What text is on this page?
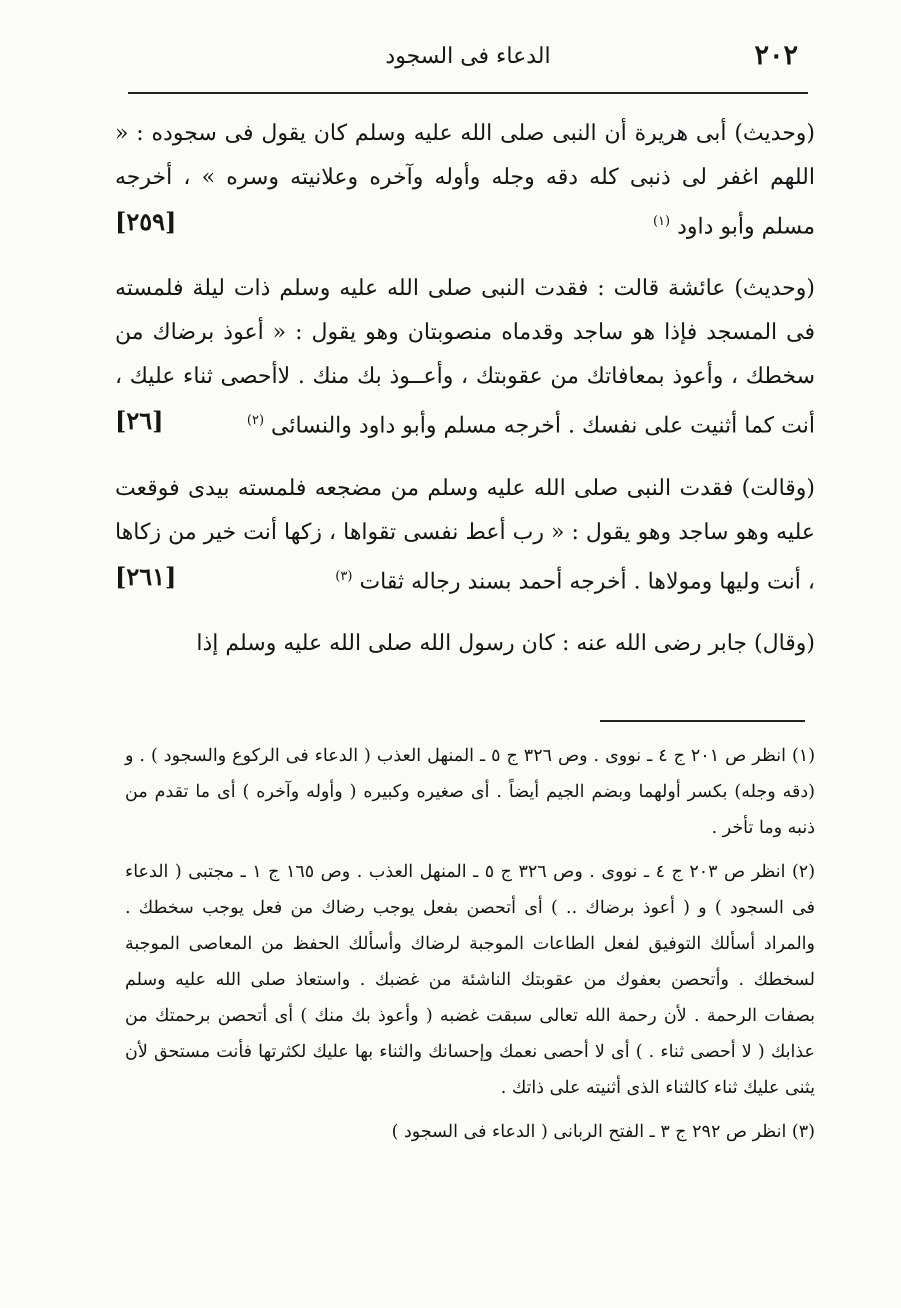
٢٠٢
الدعاء فى السجود
(وحديث) أبى هريرة أن النبى صلى الله عليه وسلم كان يقول فى سجوده : « اللهم اغفر لى ذنبى كله دقه وجله وأوله وآخره وعلانيته وسره » ، أخرجه مسلم وأبو داود $^{(١)}$
[٢٥٩]
(وحديث) عائشة قالت : فقدت النبى صلى الله عليه وسلم ذات ليلة فلمسته فى المسجد فإذا هو ساجد وقدماه منصوبتان وهو يقول : « أعوذ برضاك من سخطك ، وأعوذ بمعافاتك من عقوبتك ، وأعــوذ بك منك . لاأحصى ثناء عليك ، أنت كما أثنيت على نفسك . أخرجه مسلم وأبو داود والنسائى $^{(٢)}$
[٢٦]
(وقالت) فقدت النبى صلى الله عليه وسلم من مضجعه فلمسته بيدى فوقعت عليه وهو ساجد وهو يقول : « رب أعط نفسى تقواها ، زكها أنت خير من زكاها ، أنت وليها ومولاها . أخرجه أحمد بسند رجاله ثقات $^{(٣)}$
[٢٦١]
(وقال) جابر رضى الله عنه : كان رسول الله صلى الله عليه وسلم إذا

(١) انظر ص ٢٠١ ج ٤ ـ نووى . وص ٣٢٦ ج ٥ ـ المنهل العذب ( الدعاء فى الركوع والسجود ) . و (دقه وجله) بكسر أولهما وبضم الجيم أيضاً . أى صغيره وكبيره ( وأوله وآخره ) أى ما تقدم من ذنبه وما تأخر .

(٢) انظر ص ٢٠٣ ج ٤ ـ نووى . وص ٣٢٦ ج ٥ ـ المنهل العذب . وص ١٦٥ ج ١ ـ مجتبى ( الدعاء فى السجود ) و ( أعوذ برضاك .. ) أى أتحصن بفعل يوجب رضاك من فعل يوجب سخطك . والمراد أسألك التوفيق لفعل الطاعات الموجبة لرضاك وأسألك الحفظ من المعاصى الموجبة لسخطك . وأتحصن بعفوك من عقوبتك الناشئة من غضبك . واستعاذ صلى الله عليه وسلم بصفات الرحمة . لأن رحمة الله تعالى سبقت غضبه ( وأعوذ بك منك ) أى أتحصن برحمتك من عذابك ( لا أحصى ثناء . ) أى لا أحصى نعمك وإحسانك والثناء بها عليك لكثرتها فأنت مستحق لأن يثنى عليك ثناء كالثناء الذى أثنيته على ذاتك .

(٣) انظر ص ٢٩٢ ج ٣ ـ الفتح الربانى ( الدعاء فى السجود )
